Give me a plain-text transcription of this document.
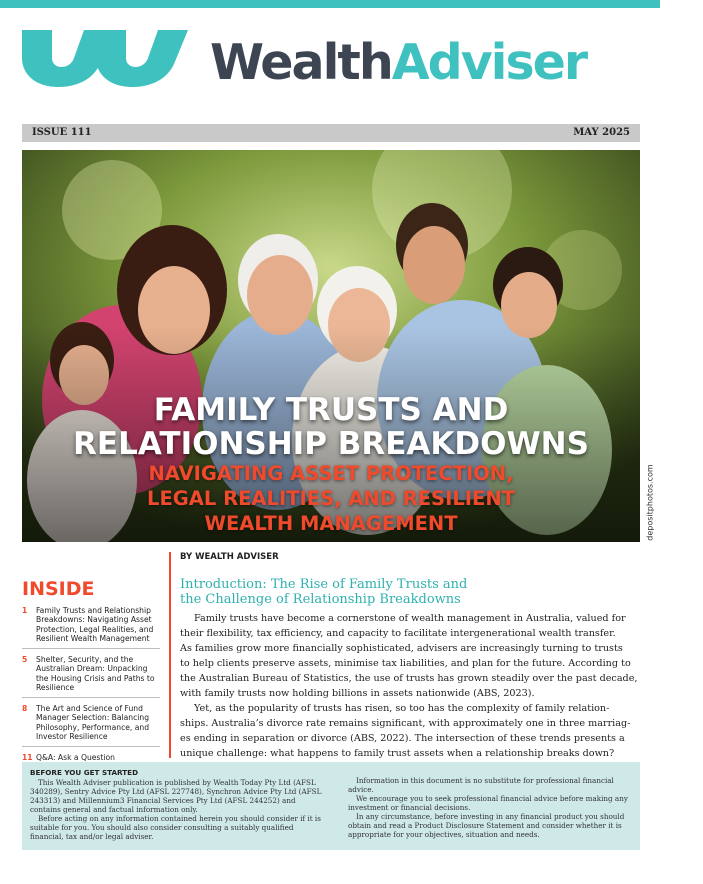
WealthAdviser
ISSUE 111	MAY 2025
FAMILY TRUSTS AND
RELATIONSHIP BREAKDOWNS
NAVIGATING ASSET PROTECTION,
LEGAL REALITIES, AND RESILIENT
WEALTH MANAGEMENT	depositphotos.com
INSIDE
1 Family Trusts and Relationship
Breakdowns: Navigating Asset
Protection, Legal Realities, and
Resilient Wealth Management
5 Shelter, Security, and the
Australian Dream: Unpacking
the Housing Crisis and Paths to
Resilience
8 The Art and Science of Fund
Manager Selection: Balancing
Philosophy, Performance, and
Investor Resilience
11 Q&A: Ask a Question
BY WEALTH ADVISER
Introduction: The Rise of Family Trusts and
the Challenge of Relationship Breakdowns
Family trusts have become a cornerstone of wealth management in Australia, valued for
their flexibility, tax efficiency, and capacity to facilitate intergenerational wealth transfer.
As families grow more financially sophisticated, advisers are increasingly turning to trusts
to help clients preserve assets, minimise tax liabilities, and plan for the future. According to
the Australian Bureau of Statistics, the use of trusts has grown steadily over the past decade,
with family trusts now holding billions in assets nationwide (ABS, 2023).
Yet, as the popularity of trusts has risen, so too has the complexity of family relation-
ships. Australia’s divorce rate remains significant, with approximately one in three marriag-
es ending in separation or divorce (ABS, 2022). The intersection of these trends presents a
unique challenge: what happens to family trust assets when a relationship breaks down?
BEFORE YOU GET STARTED
This Wealth Adviser publication is published by Wealth Today Pty Ltd (AFSL 340289), Sentry Advice Pty Ltd (AFSL 227748), Synchron Advice Pty Ltd (AFSL 243313) and Millennium3 Financial Services Pty Ltd (AFSL 244252) and contains general and factual information only.
Before acting on any information contained herein you should consider if it is suitable for you. You should also consider consulting a suitably qualified financial, tax and/or legal adviser.
Information in this document is no substitute for professional financial advice.
We encourage you to seek professional financial advice before making any investment or financial decisions.
In any circumstance, before investing in any financial product you should obtain and read a Product Disclosure Statement and consider whether it is appropriate for your objectives, situation and needs.
